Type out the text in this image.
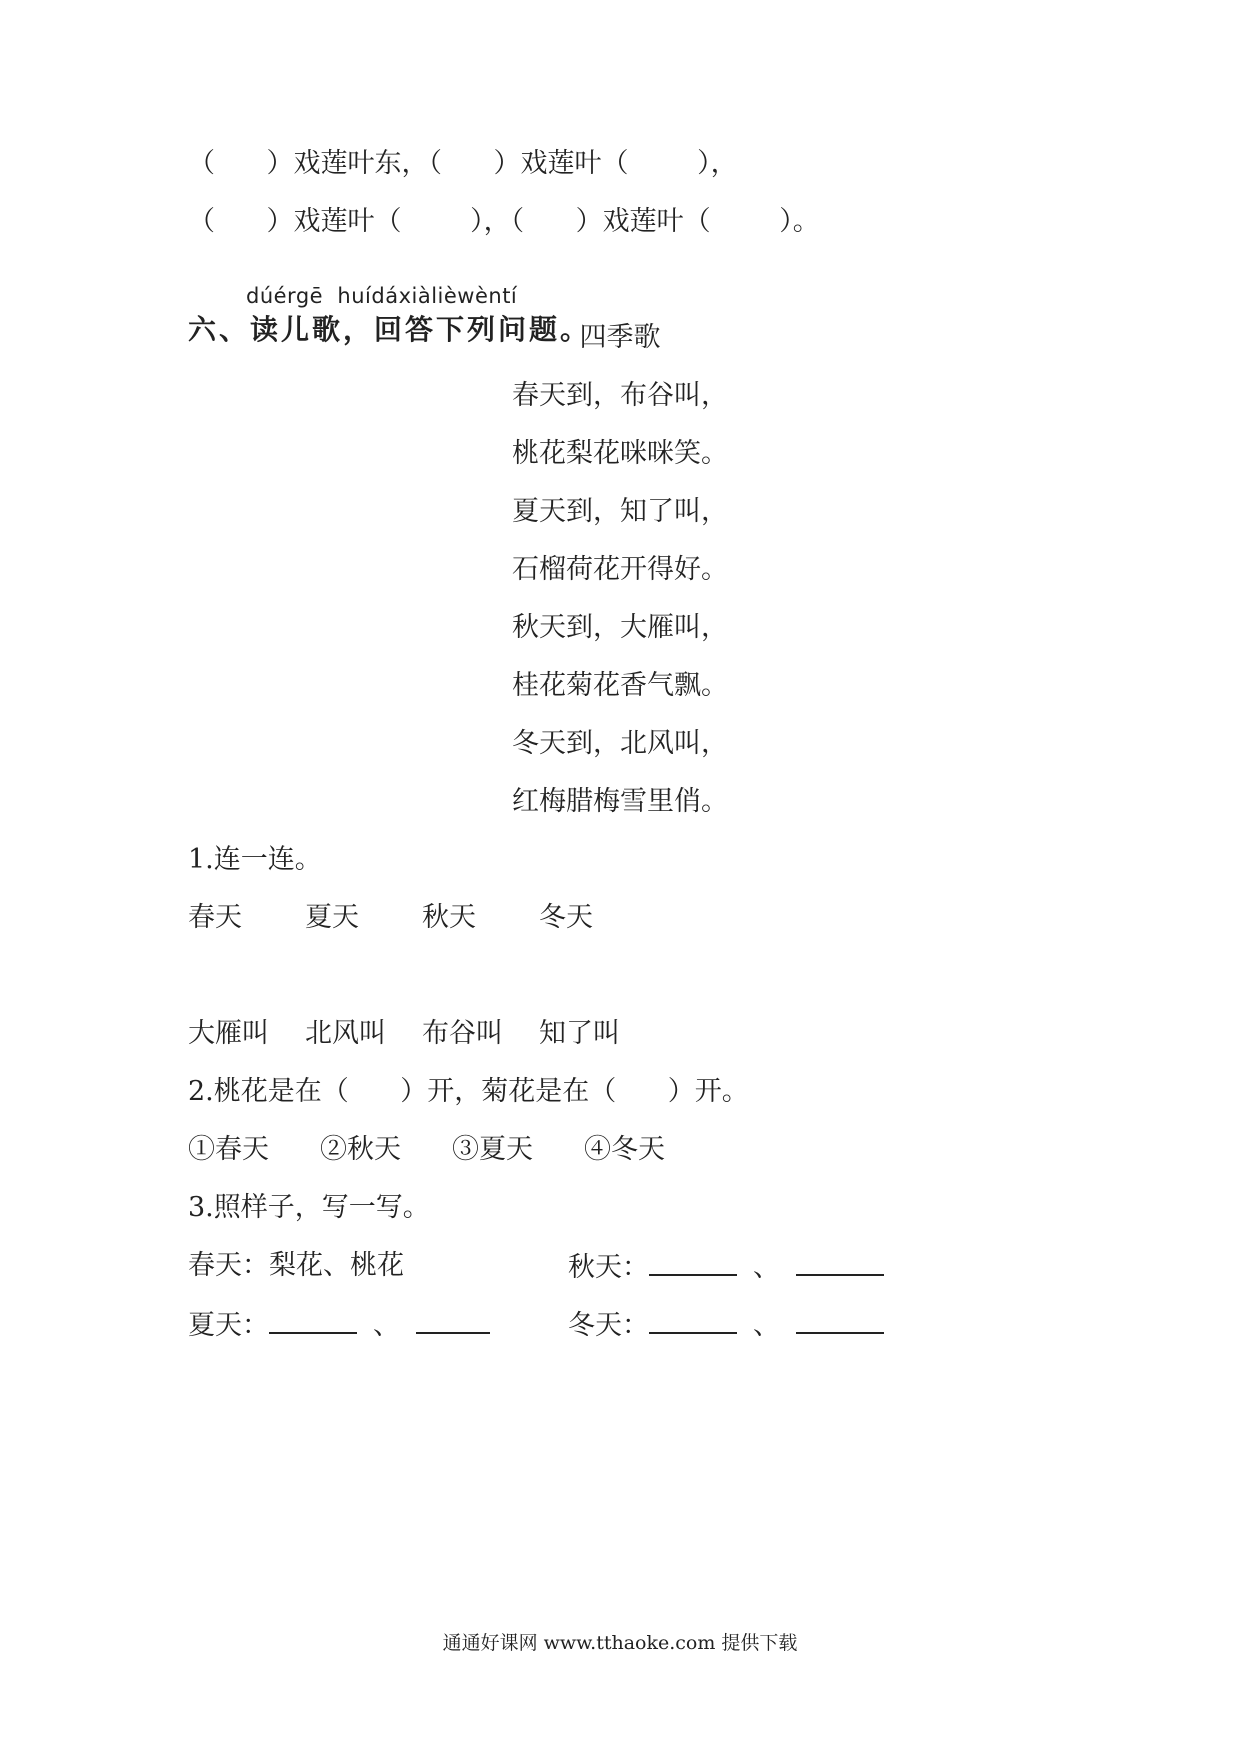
（      ）戏莲叶东，（      ）戏莲叶（        ），
（      ）戏莲叶（        ），（      ）戏莲叶（        ）。
dúérgē  huídáxiàlièwèntí
六、读儿歌，回答下列问题。
四季歌
春天到，布谷叫，
桃花梨花咪咪笑。
夏天到，知了叫，
石榴荷花开得好。
秋天到，大雁叫，
桂花菊花香气飘。
冬天到，北风叫，
红梅腊梅雪里俏。
1.连一连。
春天 夏天 秋天 冬天
大雁叫 北风叫 布谷叫 知了叫
2.桃花是在（      ）开，菊花是在（      ）开。
①春天 ②秋天 ③夏天 ④冬天
3.照样子，写一写。
春天：梨花、桃花	秋天：	、
夏天：	、	冬天：	、
通通好课网 www.tthaoke.com 提供下载
